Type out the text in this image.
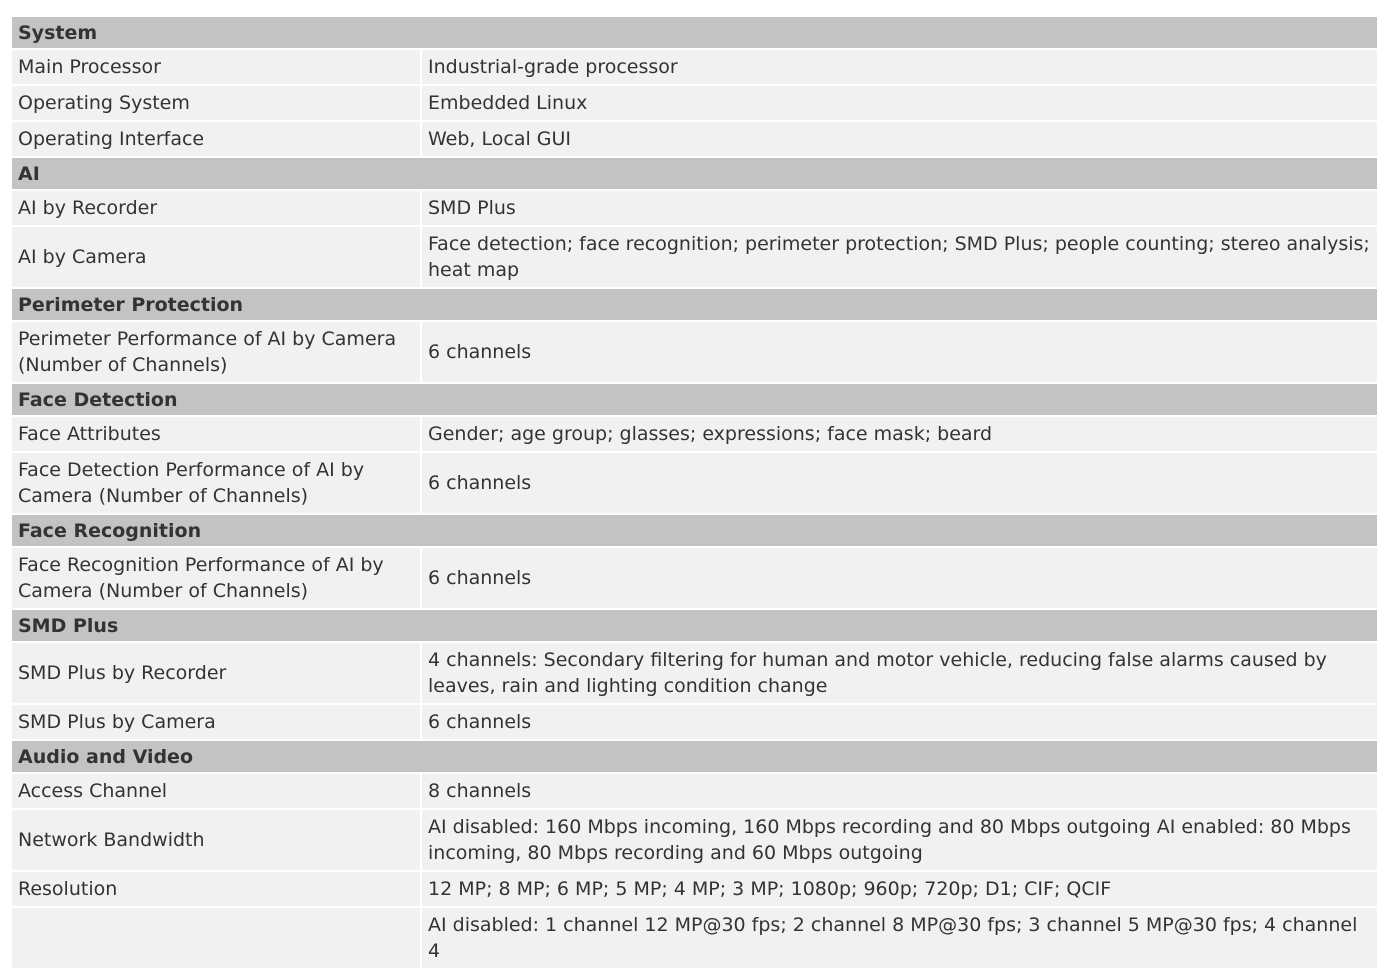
System	
Main Processor	Industrial-grade processor
Operating System	Embedded Linux
Operating Interface	Web, Local GUI
AI	
AI by Recorder	SMD Plus
AI by Camera	Face detection; face recognition; perimeter protection; SMD Plus; people counting; stereo analysis; heat map
Perimeter Protection	
Perimeter Performance of AI by Camera (Number of Channels)	6 channels
Face Detection	
Face Attributes	Gender; age group; glasses; expressions; face mask; beard
Face Detection Performance of AI by Camera (Number of Channels)	6 channels
Face Recognition	
Face Recognition Performance of AI by Camera (Number of Channels)	6 channels
SMD Plus	
SMD Plus by Recorder	4 channels: Secondary filtering for human and motor vehicle, reducing false alarms caused by leaves, rain and lighting condition change
SMD Plus by Camera	6 channels
Audio and Video	
Access Channel	8 channels
Network Bandwidth	AI disabled: 160 Mbps incoming, 160 Mbps recording and 80 Mbps outgoing AI enabled: 80 Mbps incoming, 80 Mbps recording and 60 Mbps outgoing
Resolution	12 MP; 8 MP; 6 MP; 5 MP; 4 MP; 3 MP; 1080p; 960p; 720p; D1; CIF; QCIF
	AI disabled: 1 channel 12 MP@30 fps; 2 channel 8 MP@30 fps; 3 channel 5 MP@30 fps; 4 channel 4
